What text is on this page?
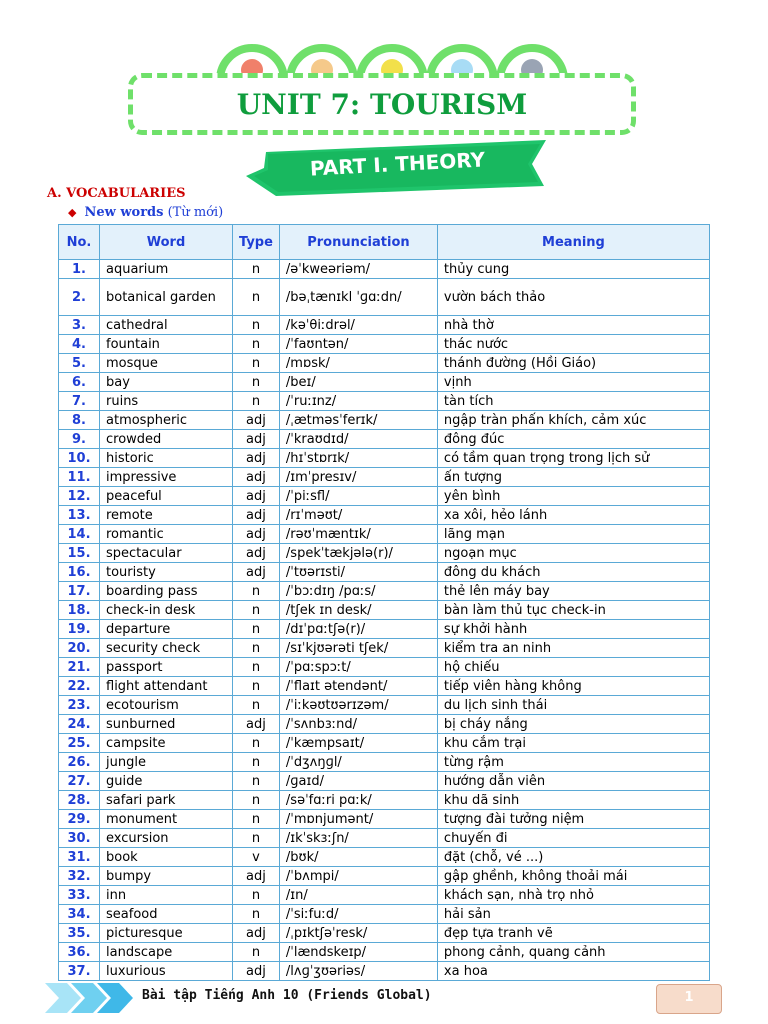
UNIT 7: TOURISM
PART I. THEORY
A. VOCABULARIES
◆ New words (Từ mới)
No.	Word	Type	Pronunciation	Meaning
1.	aquarium	n	/əˈkweəriəm/	thủy cung
2.	botanical garden	n	/bəˌtænɪkl ˈɡɑːdn/	vườn bách thảo
3.	cathedral	n	/kəˈθiːdrəl/	nhà thờ
4.	fountain	n	/ˈfaʊntən/	thác nước
5.	mosque	n	/mɒsk/	thánh đường (Hồi Giáo)
6.	bay	n	/beɪ/	vịnh
7.	ruins	n	/ˈruːɪnz/	tàn tích
8.	atmospheric	adj	/ˌætməsˈferɪk/	ngập tràn phấn khích, cảm xúc
9.	crowded	adj	/ˈkraʊdɪd/	đông đúc
10.	historic	adj	/hɪˈstɒrɪk/	có tầm quan trọng trong lịch sử
11.	impressive	adj	/ɪmˈpresɪv/	ấn tượng
12.	peaceful	adj	/ˈpiːsfl/	yên bình
13.	remote	adj	/rɪˈməʊt/	xa xôi, hẻo lánh
14.	romantic	adj	/rəʊˈmæntɪk/	lãng mạn
15.	spectacular	adj	/spekˈtækjələ(r)/	ngoạn mục
16.	touristy	adj	/ˈtʊərɪsti/	đông du khách
17.	boarding pass	n	/ˈbɔːdɪŋ /pɑːs/	thẻ lên máy bay
18.	check-in desk	n	/tʃek ɪn desk/	bàn làm thủ tục check-in
19.	departure	n	/dɪˈpɑːtʃə(r)/	sự khởi hành
20.	security check	n	/sɪˈkjʊərəti tʃek/	kiểm tra an ninh
21.	passport	n	/ˈpɑːspɔːt/	hộ chiếu
22.	flight attendant	n	/ˈflaɪt ətendənt/	tiếp viên hàng không
23.	ecotourism	n	/ˈiːkəʊtʊərɪzəm/	du lịch sinh thái
24.	sunburned	adj	/ˈsʌnbɜːnd/	bị cháy nắng
25.	campsite	n	/ˈkæmpsaɪt/	khu cắm trại
26.	jungle	n	/ˈdʒʌŋɡl/	từng rậm
27.	guide	n	/ɡaɪd/	hướng dẫn viên
28.	safari park	n	/səˈfɑːri pɑːk/	khu dã sinh
29.	monument	n	/ˈmɒnjumənt/	tượng đài tưởng niệm
30.	excursion	n	/ɪkˈskɜːʃn/	chuyến đi
31.	book	v	/bʊk/	đặt (chỗ, vé ...)
32.	bumpy	adj	/ˈbʌmpi/	gập ghềnh, không thoải mái
33.	inn	n	/ɪn/	khách sạn, nhà trọ nhỏ
34.	seafood	n	/ˈsiːfuːd/	hải sản
35.	picturesque	adj	/ˌpɪktʃəˈresk/	đẹp tựa tranh vẽ
36.	landscape	n	/ˈlændskeɪp/	phong cảnh, quang cảnh
37.	luxurious	adj	/lʌɡˈʒʊəriəs/	xa hoa
Bài tập Tiếng Anh 10 (Friends Global)	1
